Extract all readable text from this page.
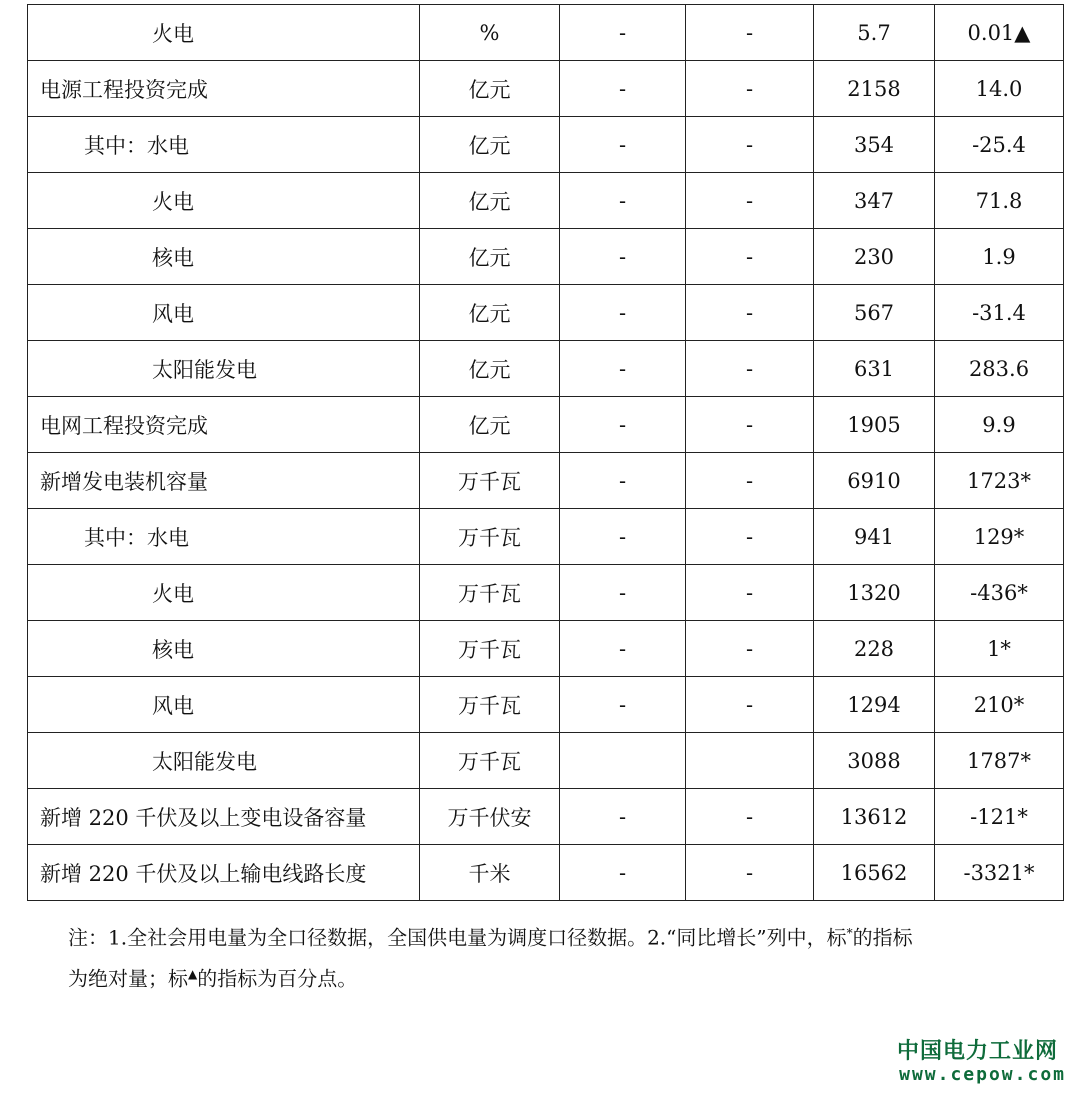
火电	%	-	-	5.7	0.01▲
电源工程投资完成	亿元	-	-	2158	14.0
其中：水电	亿元	-	-	354	-25.4
火电	亿元	-	-	347	71.8
核电	亿元	-	-	230	1.9
风电	亿元	-	-	567	-31.4
太阳能发电	亿元	-	-	631	283.6
电网工程投资完成	亿元	-	-	1905	9.9
新增发电装机容量	万千瓦	-	-	6910	1723*
其中：水电	万千瓦	-	-	941	129*
火电	万千瓦	-	-	1320	-436*
核电	万千瓦	-	-	228	1*
风电	万千瓦	-	-	1294	210*
太阳能发电	万千瓦			3088	1787*
新增 220 千伏及以上变电设备容量	万千伏安	-	-	13612	-121*
新增 220 千伏及以上输电线路长度	千米	-	-	16562	-3321*

注：1.全社会用电量为全口径数据，全国供电量为调度口径数据。2.“同比增长”列中，标*的指标
为绝对量；标▲的指标为百分点。

中国电力工业网

www.cepow.com
